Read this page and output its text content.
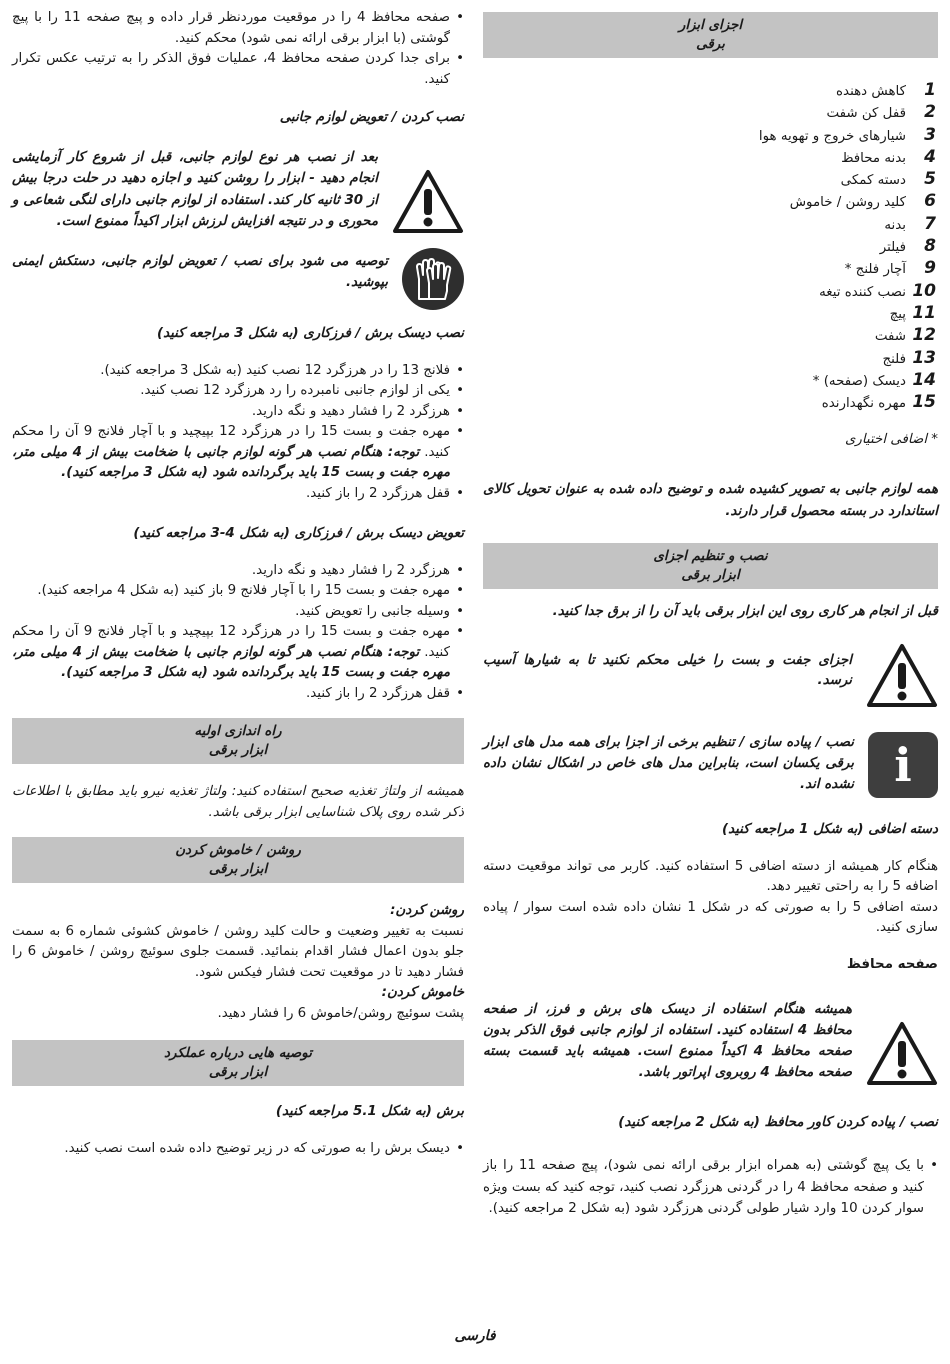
اجزای ابزار
برقی
1
کاهش دهنده
2
قفل کن شفت
3
شیارهای خروج و تهویه هوا
4
بدنه محافظ
5
دسته کمکی
6
کلید روشن / خاموش
7
بدنه
8
فیلتر
9
آچار فلنج *
10
نصب کننده تیغه
11
پیچ
12
شفت
13
فلنج
14
دیسک (صفحه) *
15
مهره نگهدارنده

* اضافی اختیاری

همه لوازم جانبی به تصویر کشیده شده و توضیح داده شده به عنوان تحویل کالای استاندارد در بسته محصول قرار دارند.

نصب و تنظیم اجزای
ابزار برقی

قبل از انجام هر کاری روی این ابزار برقی باید آن را از برق جدا کنید.

اجزای جفت و بست را خیلی محکم نکنید تا به شیارها آسیب نرسد.
i
نصب / پیاده سازی / تنظیم برخی از اجزا برای همه مدل های ابزار برقی یکسان است، بنابراین مدل های خاص در اشکال نشان داده نشده اند.

دسته اضافی (به شکل 1 مراجعه کنید)

هنگام کار همیشه از دسته اضافی 5 استفاده کنید. کاربر می تواند موقعیت دسته اضافه 5 را به راحتی تغییر دهد.

دسته اضافی 5 را به صورتی که در شکل 1 نشان داده شده است سوار / پیاده سازی کنید.

صفحه محافظ

همیشه هنگام استفاده از دیسک های برش و فرز، از صفحه محافظ 4 استفاده کنید. استفاده از لوازم جانبی فوق الذکر بدون صفحه محافظ 4 اکیداً ممنوع است. همیشه باید قسمت بسته صفحه محافظ 4 روبروی اپراتور باشد.

نصب / پیاده کردن کاور محافظ (به شکل 2 مراجعه کنید)

• با یک پیچ گوشتی (به همراه ابزار برقی ارائه نمی شود)، پیچ صفحه 11 را باز کنید و صفحه محافظ 4 را در گردنی هرزگرد نصب کنید، توجه کنید که بست ویژه سوار کردن 10 وارد شیار طولی گردنی هرزگرد شود (به شکل 2 مراجعه کنید).
• صفحه محافظ 4 را در موقعیت موردنظر قرار داده و پیچ صفحه 11 را با پیچ گوشتی (با ابزار برقی ارائه نمی شود) محکم کنید.
• برای جدا کردن صفحه محافظ 4، عملیات فوق الذکر را به ترتیب عکس تکرار کنید.

نصب کردن / تعویض لوازم جانبی

بعد از نصب هر نوع لوازم جانبی، قبل از شروع کار آزمایشی انجام دهید - ابزار را روشن کنید و اجازه دهید در حلت درجا بیش از 30 ثانیه کار کند. استفاده از لوازم جانبی دارای لنگی شعاعی و محوری و در نتیجه افزایش لرزش ابزار اکیداً ممنوع است.
توصیه می شود برای نصب / تعویض لوازم جانبی، دستکش ایمنی بپوشید.

نصب دیسک برش / فرزکاری (به شکل 3 مراجعه کنید)

• فلانج 13 را در هرزگرد 12 نصب کنید (به شکل 3 مراجعه کنید).
• یکی از لوازم جانبی نامبرده را رد هرزگرد 12 نصب کنید.
• هرزگرد 2 را فشار دهید و نگه دارید.
• مهره جفت و بست 15 را در هرزگرد 12 بپیچید و با آچار فلانج 9 آن را محکم کنید. توجه: هنگام نصب هر گونه لوازم جانبی با ضخامت بیش از 4 میلی متر، مهره جفت و بست 15 باید برگردانده شود (به شکل 3 مراجعه کنید).
• قفل هرزگرد 2 را باز کنید.

تعویض دیسک برش / فرزکاری (به شکل 4-3 مراجعه کنید)

• هرزگرد 2 را فشار دهید و نگه دارید.
• مهره جفت و بست 15 را با آچار فلانج 9 باز کنید (به شکل 4 مراجعه کنید).
• وسیله جانبی را تعویض کنید.
• مهره جفت و بست 15 را در هرزگرد 12 بپیچید و با آچار فلانج 9 آن را محکم کنید. توجه: هنگام نصب هر گونه لوازم جانبی با ضخامت بیش از 4 میلی متر، مهره جفت و بست 15 باید برگردانده شود (به شکل 3 مراجعه کنید).
• قفل هرزگرد 2 را باز کنید.
راه اندازی اولیه
ابزار برقی

همیشه از ولتاژ تغذیه صحیح استفاده کنید: ولتاژ تغذیه نیرو باید مطابق با اطلاعات ذکر شده روی پلاک شناسایی ابزار برقی باشد.

روشن / خاموش کردن
ابزار برقی

روشن کردن:

نسبت به تغییر وضعیت و حالت کلید روشن / خاموش کشوئی شماره 6 به سمت جلو بدون اعمال فشار اقدام بنمائید. قسمت جلوی سوئیچ روشن / خاموش 6 را فشار دهید تا در موقعیت تحت فشار فیکس شود.

خاموش کردن:

پشت سوئیچ روشن/خاموش 6 را فشار دهید.

توصیه هایی درباره عملکرد
ابزار برقی

برش (به شکل 5.1 مراجعه کنید)

• دیسک برش را به صورتی که در زیر توضیح داده شده است نصب کنید.
فارسی
